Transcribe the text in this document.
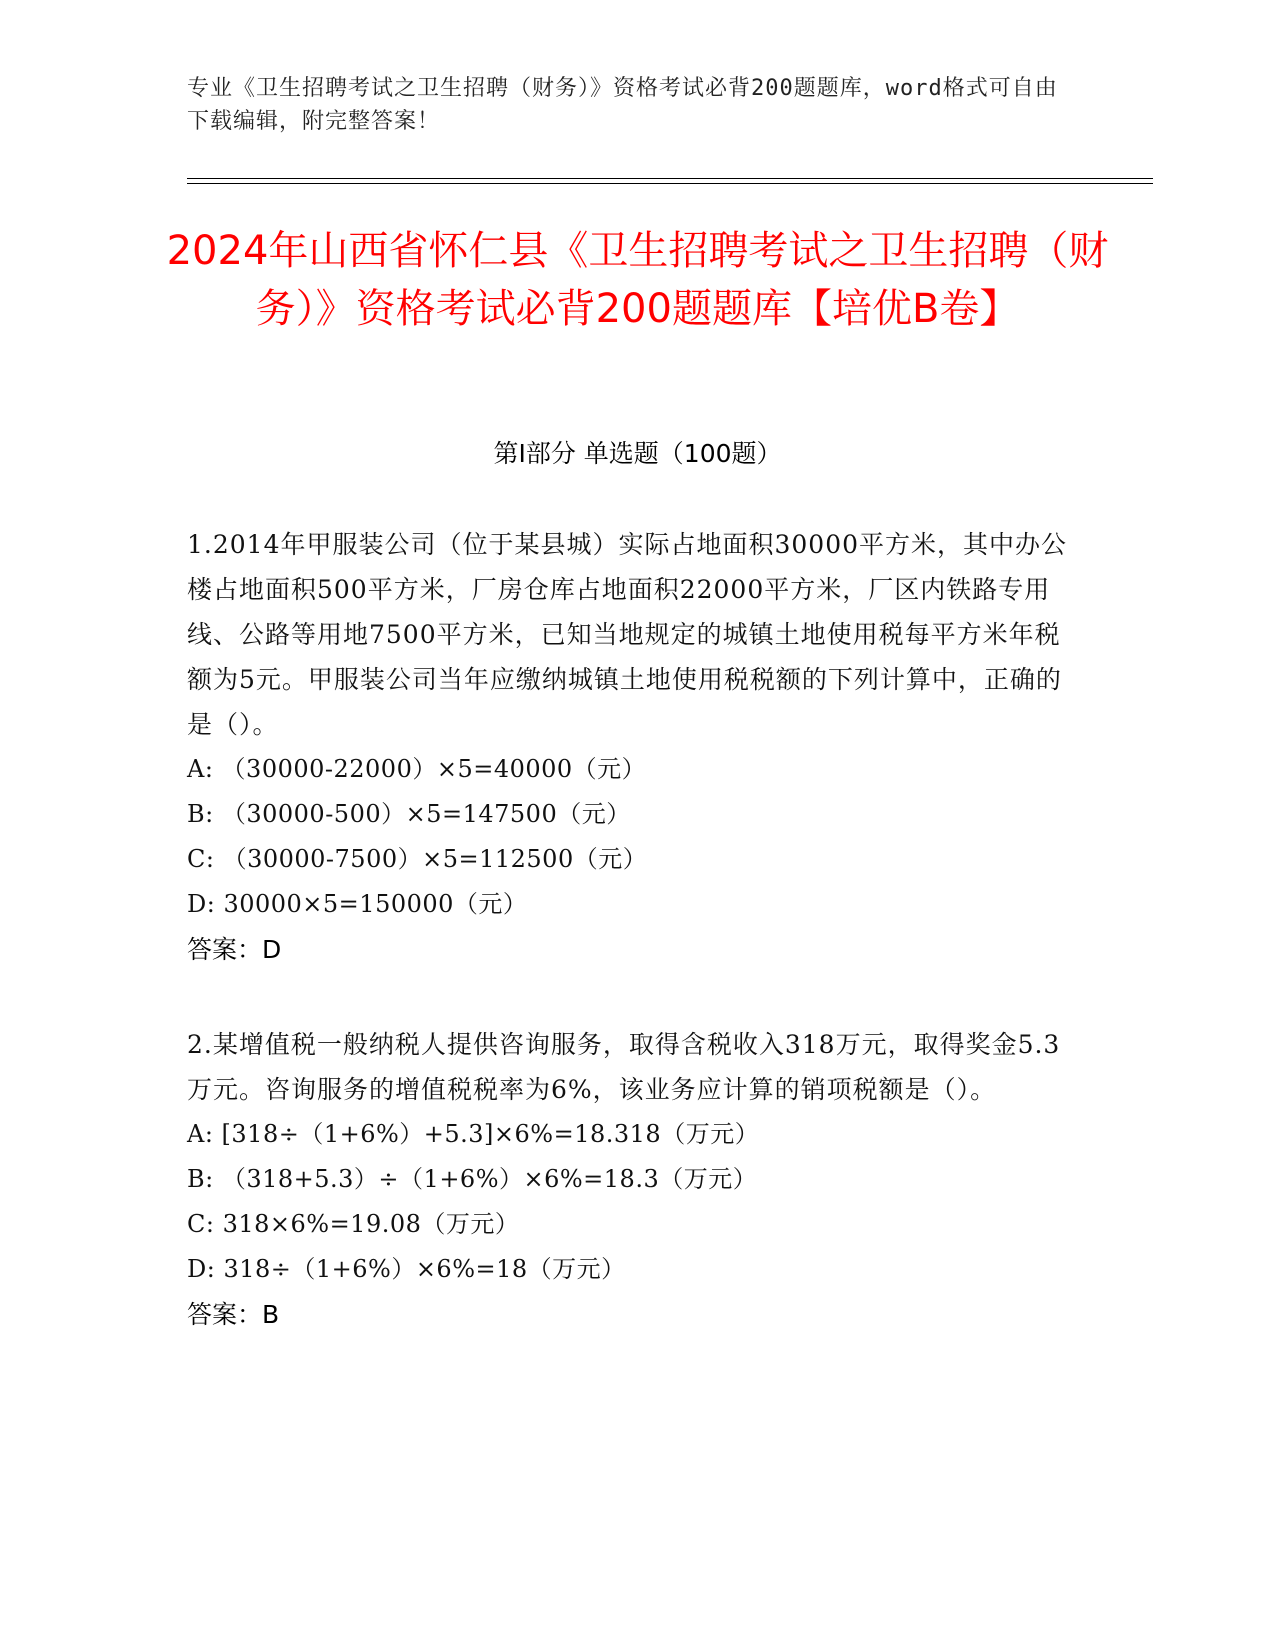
专业《卫生招聘考试之卫生招聘（财务）》资格考试必背200题题库，word格式可自由下载编辑，附完整答案！
2024年山西省怀仁县《卫生招聘考试之卫生招聘（财务）》资格考试必背200题题库【培优B卷】
第I部分 单选题（100题）
1.2014年甲服装公司（位于某县城）实际占地面积30000平方米，其中办公楼占地面积500平方米，厂房仓库占地面积22000平方米，厂区内铁路专用线、公路等用地7500平方米，已知当地规定的城镇土地使用税每平方米年税额为5元。甲服装公司当年应缴纳城镇土地使用税税额的下列计算中，正确的是（）。
A: （30000-22000）×5=40000（元）
B: （30000-500）×5=147500（元）
C: （30000-7500）×5=112500（元）
D: 30000×5=150000（元）
答案：D
2.某增值税一般纳税人提供咨询服务，取得含税收入318万元，取得奖金5.3万元。咨询服务的增值税税率为6%，该业务应计算的销项税额是（）。
A: [318÷（1+6%）+5.3]×6%=18.318（万元）
B: （318+5.3）÷（1+6%）×6%=18.3（万元）
C: 318×6%=19.08（万元）
D: 318÷（1+6%）×6%=18（万元）
答案：B
